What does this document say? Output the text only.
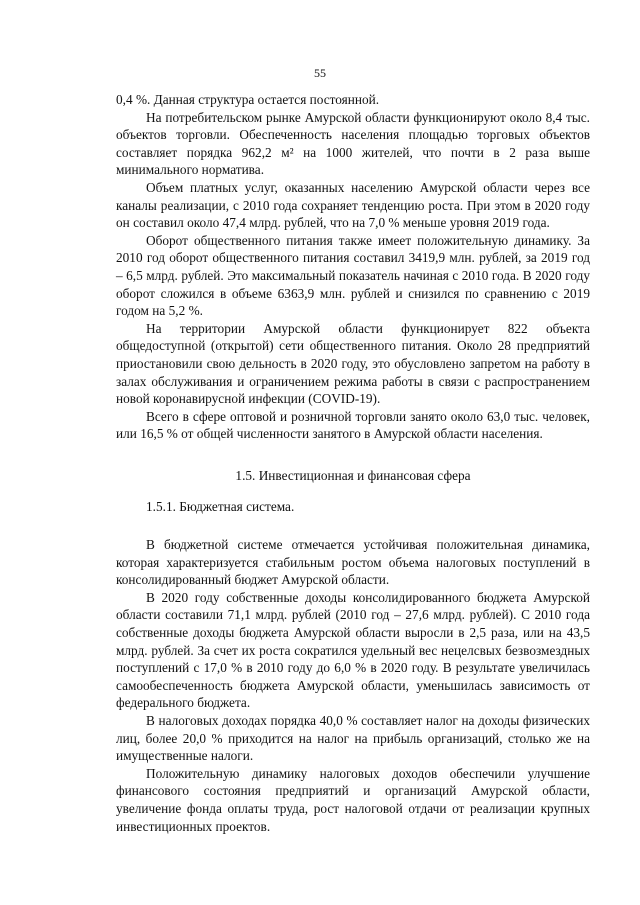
55

0,4 %. Данная структура остается постоянной.

На потребительском рынке Амурской области функционируют около 8,4 тыс. объектов торговли. Обеспеченность населения площадью торговых объектов составляет порядка 962,2 м² на 1000 жителей, что почти в 2 раза выше минимального норматива.

Объем платных услуг, оказанных населению Амурской области через все каналы реализации, с 2010 года сохраняет тенденцию роста. При этом в 2020 году он составил около 47,4 млрд. рублей, что на 7,0 % меньше уровня 2019 года.

Оборот общественного питания также имеет положительную динамику. За 2010 год оборот общественного питания составил 3419,9 млн. рублей, за 2019 год – 6,5 млрд. рублей. Это максимальный показатель начиная с 2010 года. В 2020 году оборот сложился в объеме 6363,9 млн. рублей и снизился по сравнению с 2019 годом на 5,2 %.

На территории Амурской области функционирует 822 объекта общедоступной (открытой) сети общественного питания. Около 28 предприятий приостановили свою дельность в 2020 году, это обусловлено запретом на работу в залах обслуживания и ограничением режима работы в связи с распространением новой коронавирусной инфекции (COVID-19).

Всего в сфере оптовой и розничной торговли занято около 63,0 тыс. человек, или 16,5 % от общей численности занятого в Амурской области населения.

1.5. Инвестиционная и финансовая сфера

1.5.1. Бюджетная система.

В бюджетной системе отмечается устойчивая положительная динамика, которая характеризуется стабильным ростом объема налоговых поступлений в консолидированный бюджет Амурской области.

В 2020 году собственные доходы консолидированного бюджета Амурской области составили 71,1 млрд. рублей (2010 год – 27,6 млрд. рублей). С 2010 года собственные доходы бюджета Амурской области выросли в 2,5 раза, или на 43,5 млрд. рублей. За счет их роста сократился удельный вес нецелсвых безвозмездных поступлений с 17,0 % в 2010 году до 6,0 % в 2020 году. В результате увеличилась самообеспеченность бюджета Амурской области, уменьшилась зависимость от федерального бюджета.

В налоговых доходах порядка 40,0 % составляет налог на доходы физических лиц, более 20,0 % приходится на налог на прибыль организаций, столько же на имущественные налоги.

Положительную динамику налоговых доходов обеспечили улучшение финансового состояния предприятий и организаций Амурской области, увеличение фонда оплаты труда, рост налоговой отдачи от реализации крупных инвестиционных проектов.
